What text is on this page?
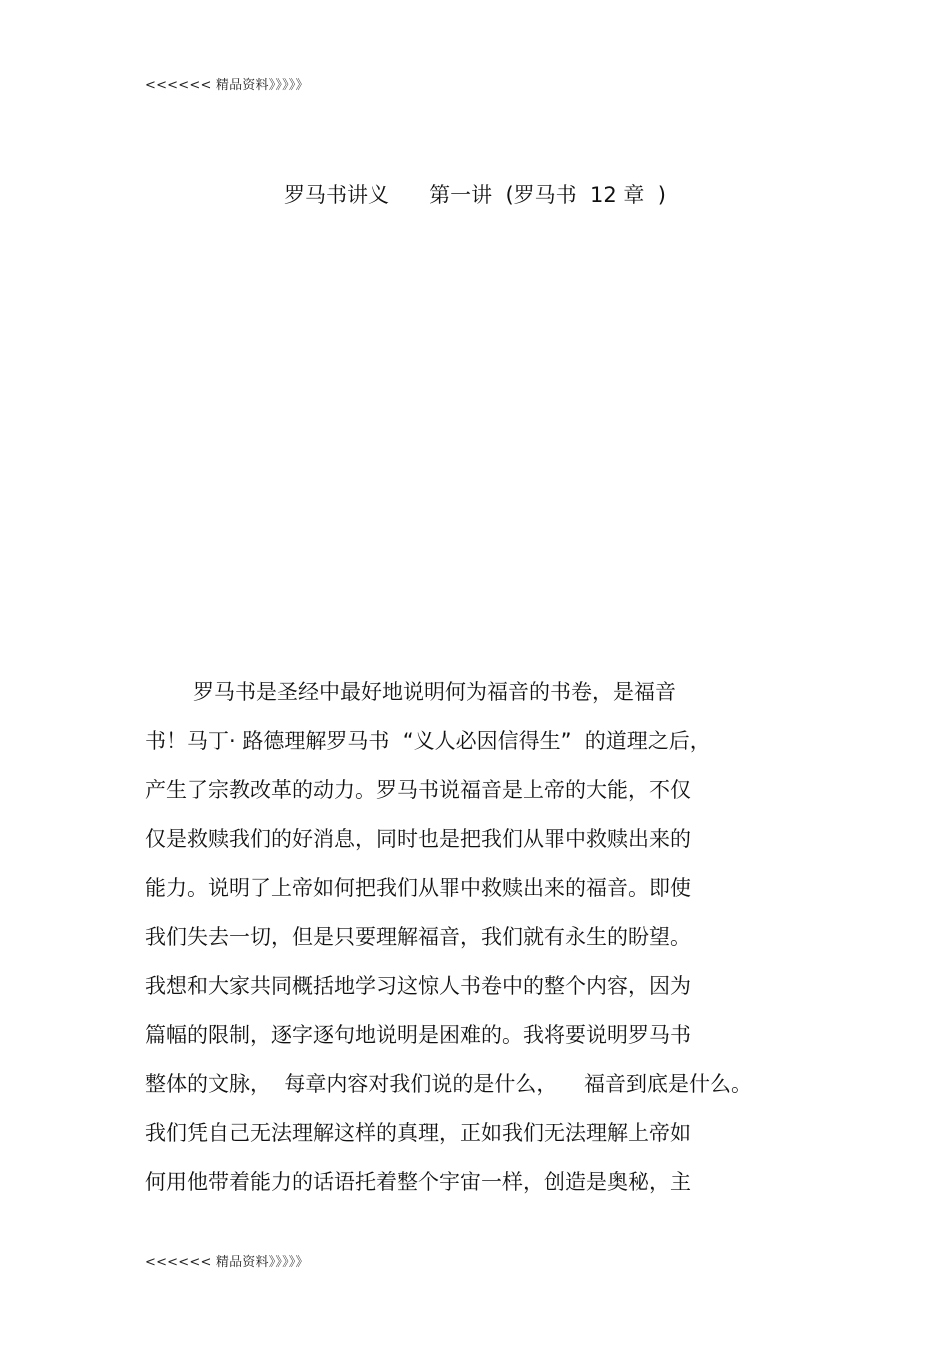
<<<<<< 精品资料》》》》》
罗马书讲义      第一讲  (罗马书  12 章  )
罗马书是圣经中最好地说明何为福音的书卷，是福音
书！马丁· 路德理解罗马书  “义人必因信得生”  的道理之后，
产生了宗教改革的动力。罗马书说福音是上帝的大能，不仅
仅是救赎我们的好消息，同时也是把我们从罪中救赎出来的
能力。说明了上帝如何把我们从罪中救赎出来的福音。即使
我们失去一切，但是只要理解福音，我们就有永生的盼望。
我想和大家共同概括地学习这惊人书卷中的整个内容，因为
篇幅的限制，逐字逐句地说明是困难的。我将要说明罗马书
整体的文脉，  每章内容对我们说的是什么，    福音到底是什么。
我们凭自己无法理解这样的真理，正如我们无法理解上帝如
何用他带着能力的话语托着整个宇宙一样，创造是奥秘，主
<<<<<< 精品资料》》》》》
